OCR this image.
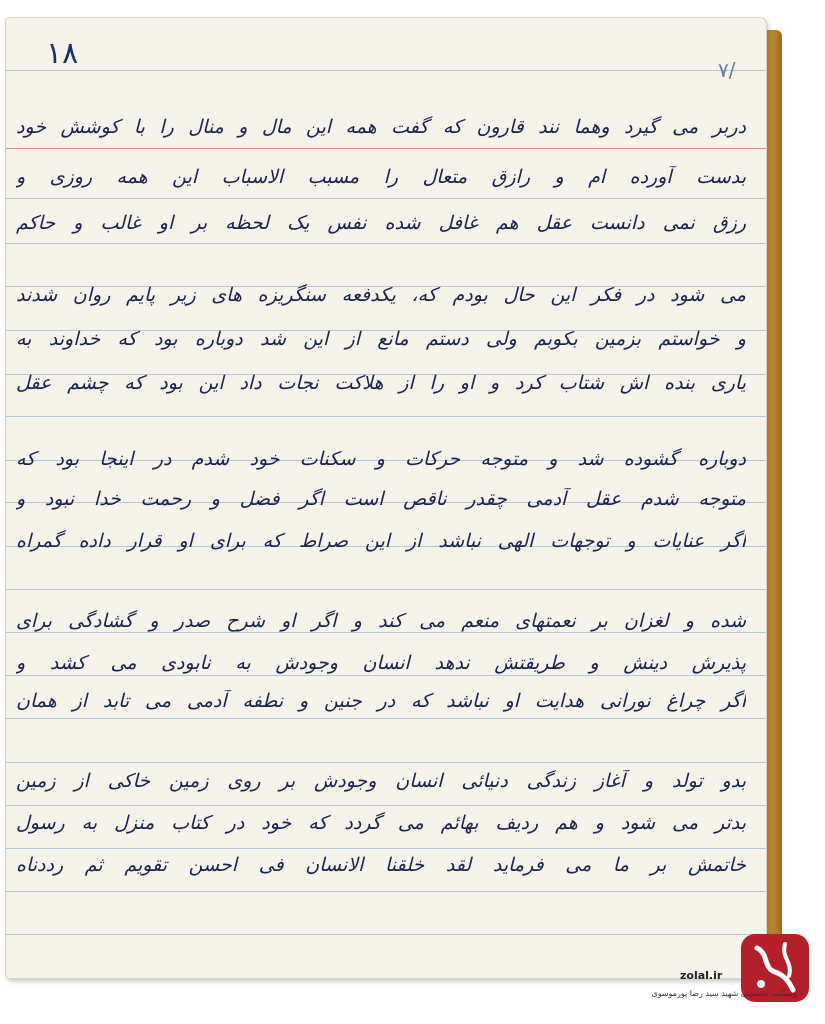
۱۸	۷/
دربر می گیرد وهما نند قارون که گفت همه این مال و منال را با کوشش خود
بدست آورده ام و رازق متعال را مسبب الاسباب این همه روزی و
رزق نمی دانست عقل هم غافل شده نفس یک لحظه بر او غالب و حاکم
می شود در فکر این حال بودم که، یکدفعه سنگریزه های زیر پایم روان شدند
و خواستم بزمین بکوبم ولی دستم مانع از این شد دوباره بود که خداوند به
یاری بنده اش شتاب کرد و او را از هلاکت نجات داد این بود که چشم عقل
دوباره گشوده شد و متوجه حرکات و سکنات خود شدم در اینجا بود که
متوجه شدم عقل آدمی چقدر ناقص است اگر فضل و رحمت خدا نبود و
اگر عنایات و توجهات الهی نباشد از این صراط که برای او قرار داده گمراه
شده و لغزان بر نعمتهای منعم می کند و اگر او شرح صدر و گشادگی برای
پذیرش دینش و طریقتش ندهد انسان وجودش به نابودی می کشد و
اگر چراغ نورانی هدایت او نباشد که در جنین و نطفه آدمی می تابد از همان
بدو تولد و آغاز زندگی دنیائی انسان وجودش بر روی زمین خاکی از زمین
بدتر می شود و هم ردیف بهائم می گردد که خود در کتاب منزل به رسول
خاتمش بر ما می فرماید لقد خلقنا الانسان فی احسن تقویم ثم رددناه
zolal.ir
وبسایت تخصصی شهید سید رضا پورموسوی
